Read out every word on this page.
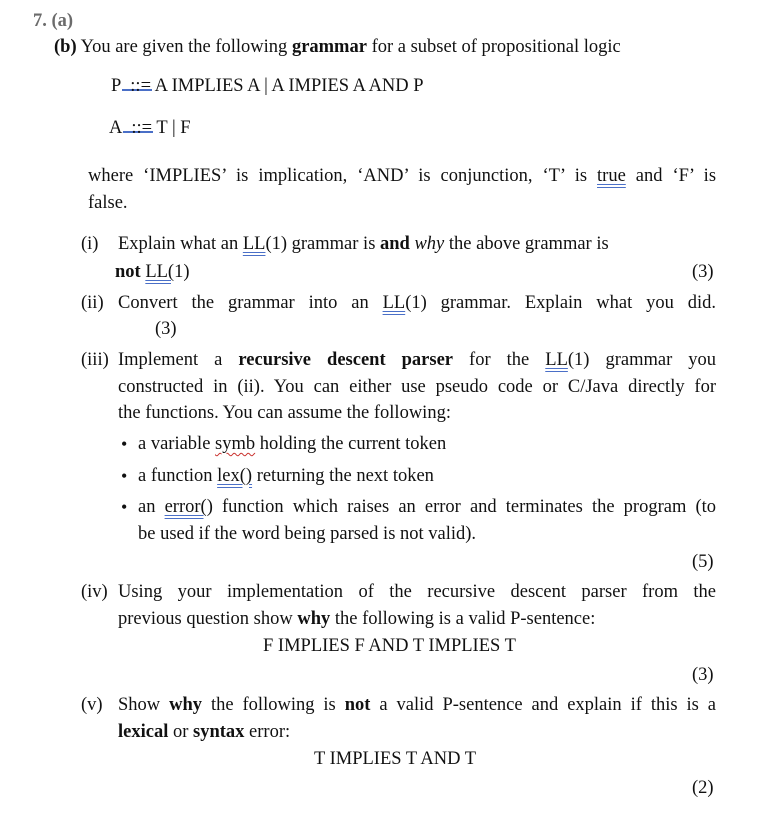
7. (a)
(b) You are given the following grammar for a subset of propositional logic
P ::= A IMPLIES A | A IMPIES A AND P
A ::= T | F
where ‘IMPLIES’ is implication, ‘AND’ is conjunction, ‘T’ is true and ‘F’ is
false.
(i) Explain what an LL(1) grammar is and why the above grammar is
not LL(1)	(3)
(ii) Convert the grammar into an LL(1) grammar. Explain what you did.
(3)
(iii) Implement a recursive descent parser for the LL(1) grammar you
constructed in (ii). You can either use pseudo code or C/Java directly for
the functions. You can assume the following:
• a variable symb holding the current token
• a function lex() returning the next token
• an error() function which raises an error and terminates the program (to
be used if the word being parsed is not valid).
(5)
(iv) Using your implementation of the recursive descent parser from the
previous question show why the following is a valid P-sentence:
F IMPLIES F AND T IMPLIES T
(3)
(v) Show why the following is not a valid P-sentence and explain if this is a
lexical or syntax error:
T IMPLIES T AND T
(2)
